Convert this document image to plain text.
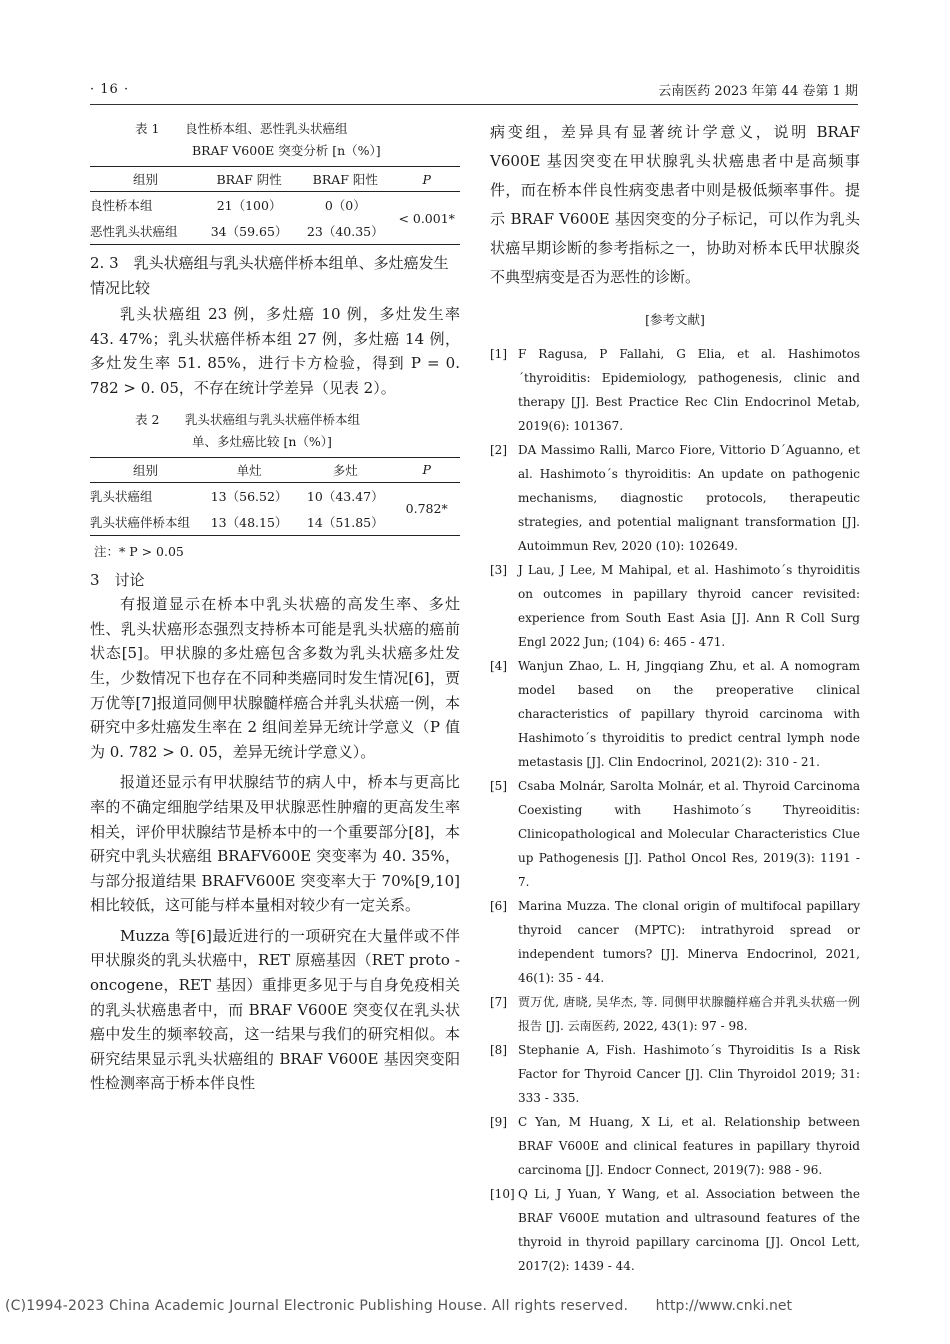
· 16 ·	云南医药 2023 年第 44 卷第 1 期
表 1 良性桥本组、恶性乳头状癌组
BRAF V600E 突变分析 [n（%）]
组别	BRAF 阴性	BRAF 阳性	P
良性桥本组	21（100）	0（0）	< 0.001*
恶性乳头状癌组	34（59.65）	23（40.35）	
2. 3　乳头状癌组与乳头状癌伴桥本组单、多灶癌发生情况比较

乳头状癌组 23 例，多灶癌 10 例，多灶发生率 43. 47%；乳头状癌伴桥本组 27 例，多灶癌 14 例，多灶发生率 51. 85%，进行卡方检验，得到 P = 0. 782 > 0. 05，不存在统计学差异（见表 2）。

表 2 乳头状癌组与乳头状癌伴桥本组
单、多灶癌比较 [n（%）]
组别	单灶	多灶	P
乳头状癌组	13（56.52）	10（43.47）	0.782*
乳头状癌伴桥本组	13（48.15）	14（51.85）	
注：* P > 0.05
3　讨论

有报道显示在桥本中乳头状癌的高发生率、多灶性、乳头状癌形态强烈支持桥本可能是乳头状癌的癌前状态[5]。甲状腺的多灶癌包含多数为乳头状癌多灶发生，少数情况下也存在不同种类癌同时发生情况[6]，贾万优等[7]报道同侧甲状腺髓样癌合并乳头状癌一例，本研究中多灶癌发生率在 2 组间差异无统计学意义（P 值为 0. 782 > 0. 05，差异无统计学意义）。

报道还显示有甲状腺结节的病人中，桥本与更高比率的不确定细胞学结果及甲状腺恶性肿瘤的更高发生率相关，评价甲状腺结节是桥本中的一个重要部分[8]，本研究中乳头状癌组 BRAFV600E 突变率为 40. 35%，与部分报道结果 BRAFV600E 突变率大于 70%[9,10]相比较低，这可能与样本量相对较少有一定关系。

Muzza 等[6]最近进行的一项研究在大量伴或不伴甲状腺炎的乳头状癌中，RET 原癌基因（RET proto - oncogene，RET 基因）重排更多见于与自身免疫相关的乳头状癌患者中，而 BRAF V600E 突变仅在乳头状癌中发生的频率较高，这一结果与我们的研究相似。本研究结果显示乳头状癌组的 BRAF V600E 基因突变阳性检测率高于桥本伴良性

病变组，差异具有显著统计学意义，说明 BRAF V600E 基因突变在甲状腺乳头状癌患者中是高频事件，而在桥本伴良性病变患者中则是极低频率事件。提示 BRAF V600E 基因突变的分子标记，可以作为乳头状癌早期诊断的参考指标之一，协助对桥本氏甲状腺炎不典型病变是否为恶性的诊断。

[参考文献]
[1] F Ragusa, P Fallahi, G Elia, et al. Hashimotos´thyroiditis: Epidemiology, pathogenesis, clinic and therapy [J]. Best Practice Rec Clin Endocrinol Metab, 2019(6): 101367.
[2] DA Massimo Ralli, Marco Fiore, Vittorio D´Aguanno, et al. Hashimoto´s thyroiditis: An update on pathogenic mechanisms, diagnostic protocols, therapeutic strategies, and potential malignant transformation [J]. Autoimmun Rev, 2020 (10): 102649.
[3] J Lau, J Lee, M Mahipal, et al. Hashimoto´s thyroiditis on outcomes in papillary thyroid cancer revisited: experience from South East Asia [J]. Ann R Coll Surg Engl 2022 Jun; (104) 6: 465 - 471.
[4] Wanjun Zhao, L. H, Jingqiang Zhu, et al. A nomogram model based on the preoperative clinical characteristics of papillary thyroid carcinoma with Hashimoto´s thyroiditis to predict central lymph node metastasis [J]. Clin Endocrinol, 2021(2): 310 - 21.
[5] Csaba Molnár, Sarolta Molnár, et al. Thyroid Carcinoma Coexisting with Hashimoto´s Thyreoiditis: Clinicopathological and Molecular Characteristics Clue up Pathogenesis [J]. Pathol Oncol Res, 2019(3): 1191 - 7.
[6] Marina Muzza. The clonal origin of multifocal papillary thyroid cancer (MPTC): intrathyroid spread or independent tumors? [J]. Minerva Endocrinol, 2021, 46(1): 35 - 44.
[7] 贾万优, 唐晓, 吴华杰, 等. 同侧甲状腺髓样癌合并乳头状癌一例报告 [J]. 云南医药, 2022, 43(1): 97 - 98.
[8] Stephanie A, Fish. Hashimoto´s Thyroiditis Is a Risk Factor for Thyroid Cancer [J]. Clin Thyroidol 2019; 31: 333 - 335.
[9] C Yan, M Huang, X Li, et al. Relationship between BRAF V600E and clinical features in papillary thyroid carcinoma [J]. Endocr Connect, 2019(7): 988 - 96.
[10] Q Li, J Yuan, Y Wang, et al. Association between the BRAF V600E mutation and ultrasound features of the thyroid in thyroid papillary carcinoma [J]. Oncol Lett, 2017(2): 1439 - 44.
(C)1994-2023 China Academic Journal Electronic Publishing House. All rights reserved. http://www.cnki.net
